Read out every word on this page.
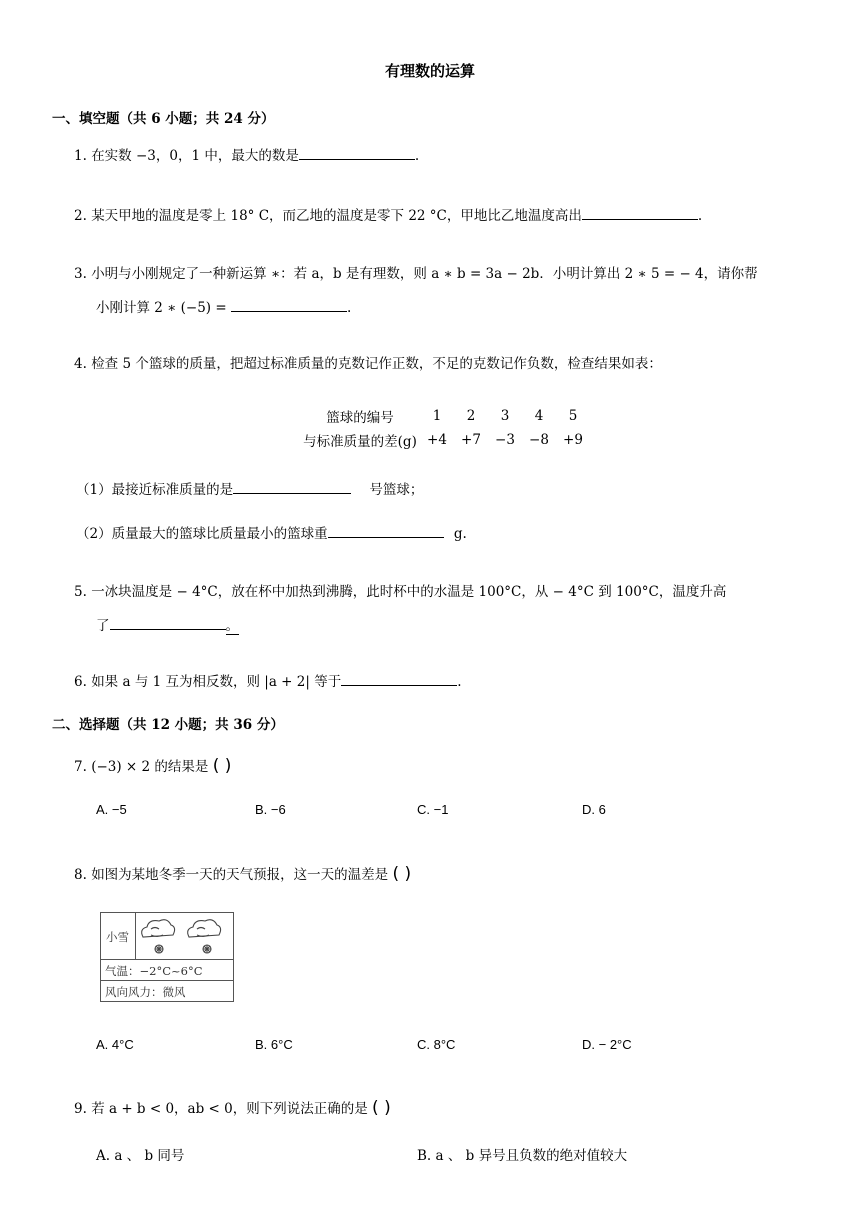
有理数的运算
一、填空题（共 6 小题；共 24 分）
1. 在实数 −3，0，1 中，最大的数是	.
2. 某天甲地的温度是零上 18° C，而乙地的温度是零下 22 °C，甲地比乙地温度高出	.
3. 小明与小刚规定了一种新运算 ∗：若 a，b 是有理数，则 a ∗ b = 3a − 2b．小明计算出 2 ∗ 5 = − 4，请你帮
小刚计算 2 ∗ (−5) =	.
4. 检查 5 个篮球的质量，把超过标准质量的克数记作正数，不足的克数记作负数，检查结果如表：
篮球的编号	1	2	3	4	5
与标准质量的差(g)	+4	+7	−3	−8	+9
（1）最接近标准质量的是	号篮球；
（2）质量最大的篮球比质量最小的篮球重	g.
5. 一冰块温度是 − 4°C，放在杯中加热到沸腾，此时杯中的水温是 100°C，从 − 4°C 到 100°C，温度升高
了	。
6. 如果 a 与 1 互为相反数，则 |a + 2| 等于	.
二、选择题（共 12 小题；共 36 分）
7. (−3) × 2 的结果是 ( )
A. −5	B. −6	C. −1	D. 6
8. 如图为某地冬季一天的天气预报，这一天的温差是 ( )
小雪
气温：−2°C~6°C
风向风力：微风
A. 4°C	B. 6°C	C. 8°C	D. − 2°C
9. 若 a + b < 0，ab < 0，则下列说法正确的是 ( )
A. a 、 b 同号	B. a 、 b 异号且负数的绝对值较大
